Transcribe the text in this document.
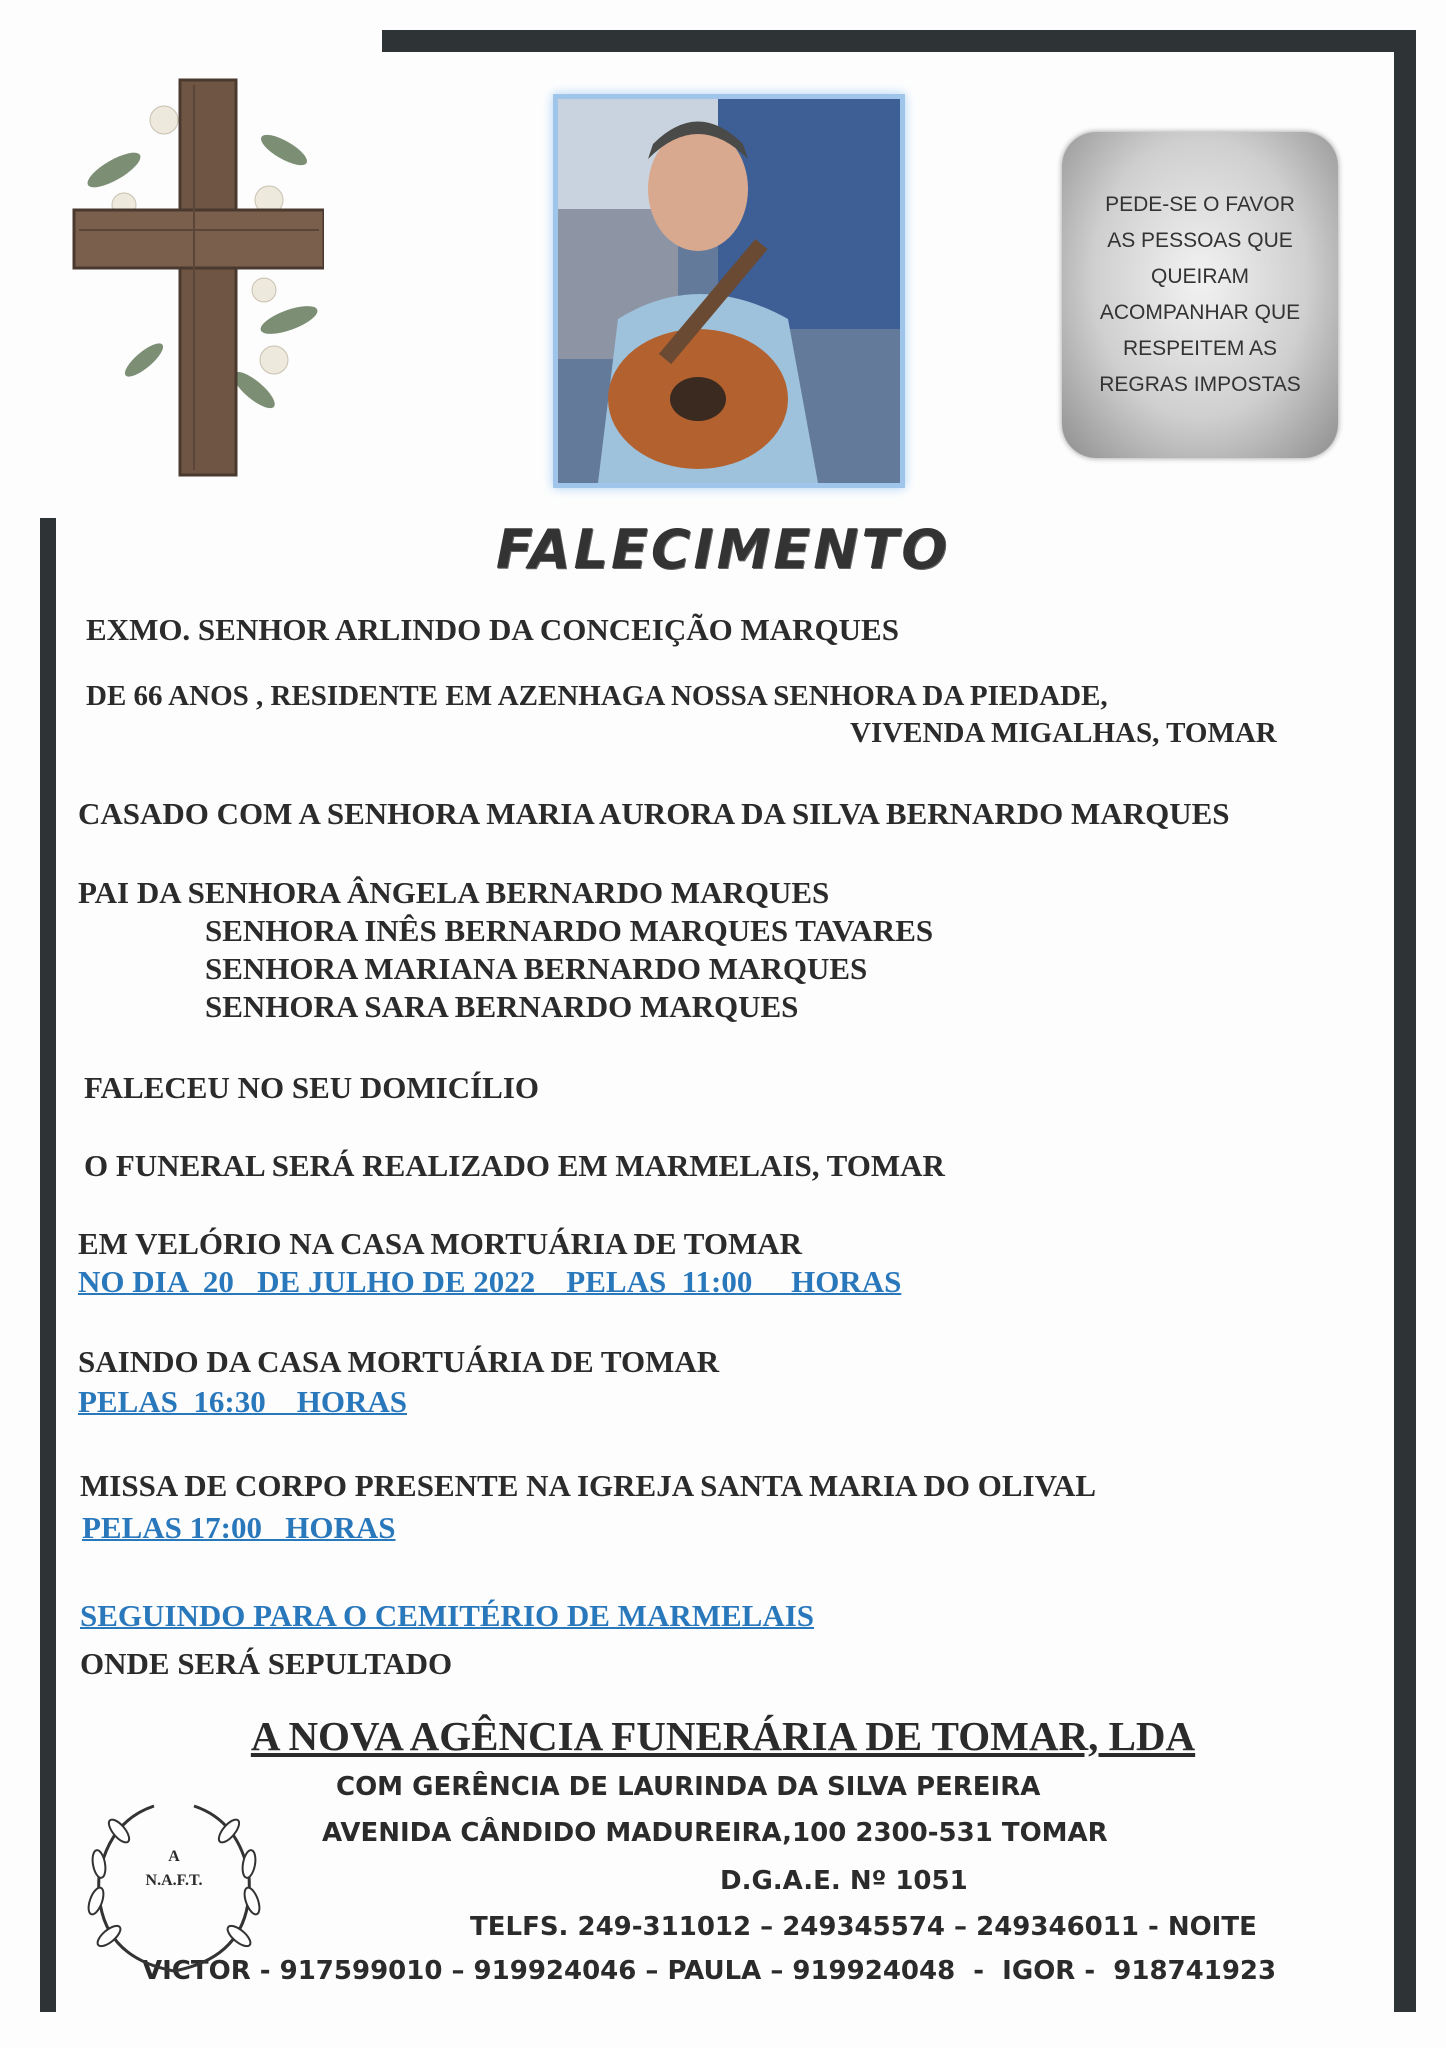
PEDE-SE O FAVOR AS PESSOAS QUE QUEIRAM ACOMPANHAR QUE RESPEITEM AS REGRAS IMPOSTAS
FALECIMENTO
EXMO. SENHOR ARLINDO DA CONCEIÇÃO MARQUES
DE 66 ANOS , RESIDENTE EM AZENHAGA NOSSA SENHORA DA PIEDADE,
VIVENDA MIGALHAS, TOMAR
CASADO COM A SENHORA MARIA AURORA DA SILVA BERNARDO MARQUES
PAI DA SENHORA ÂNGELA BERNARDO MARQUES
SENHORA INÊS BERNARDO MARQUES TAVARES
SENHORA MARIANA BERNARDO MARQUES
SENHORA SARA BERNARDO MARQUES
FALECEU NO SEU DOMICÍLIO
O FUNERAL SERÁ REALIZADO EM MARMELAIS, TOMAR
EM VELÓRIO NA CASA MORTUÁRIA DE TOMAR
NO DIA  20   DE JULHO DE 2022    PELAS  11:00     HORAS
SAINDO DA CASA MORTUÁRIA DE TOMAR
PELAS  16:30    HORAS
MISSA DE CORPO PRESENTE NA IGREJA SANTA MARIA DO OLIVAL
PELAS 17:00   HORAS
SEGUINDO PARA O CEMITÉRIO DE MARMELAIS
ONDE SERÁ SEPULTADO
A NOVA AGÊNCIA FUNERÁRIA DE TOMAR, LDA
COM GERÊNCIA DE LAURINDA DA SILVA PEREIRA
AVENIDA CÂNDIDO MADUREIRA,100 2300-531 TOMAR
D.G.A.E. Nº 1051
TELFS. 249-311012 – 249345574 – 249346011 - NOITE
VICTOR - 917599010 – 919924046 – PAULA – 919924048  -  IGOR -  918741923
A
N.A.F.T.
